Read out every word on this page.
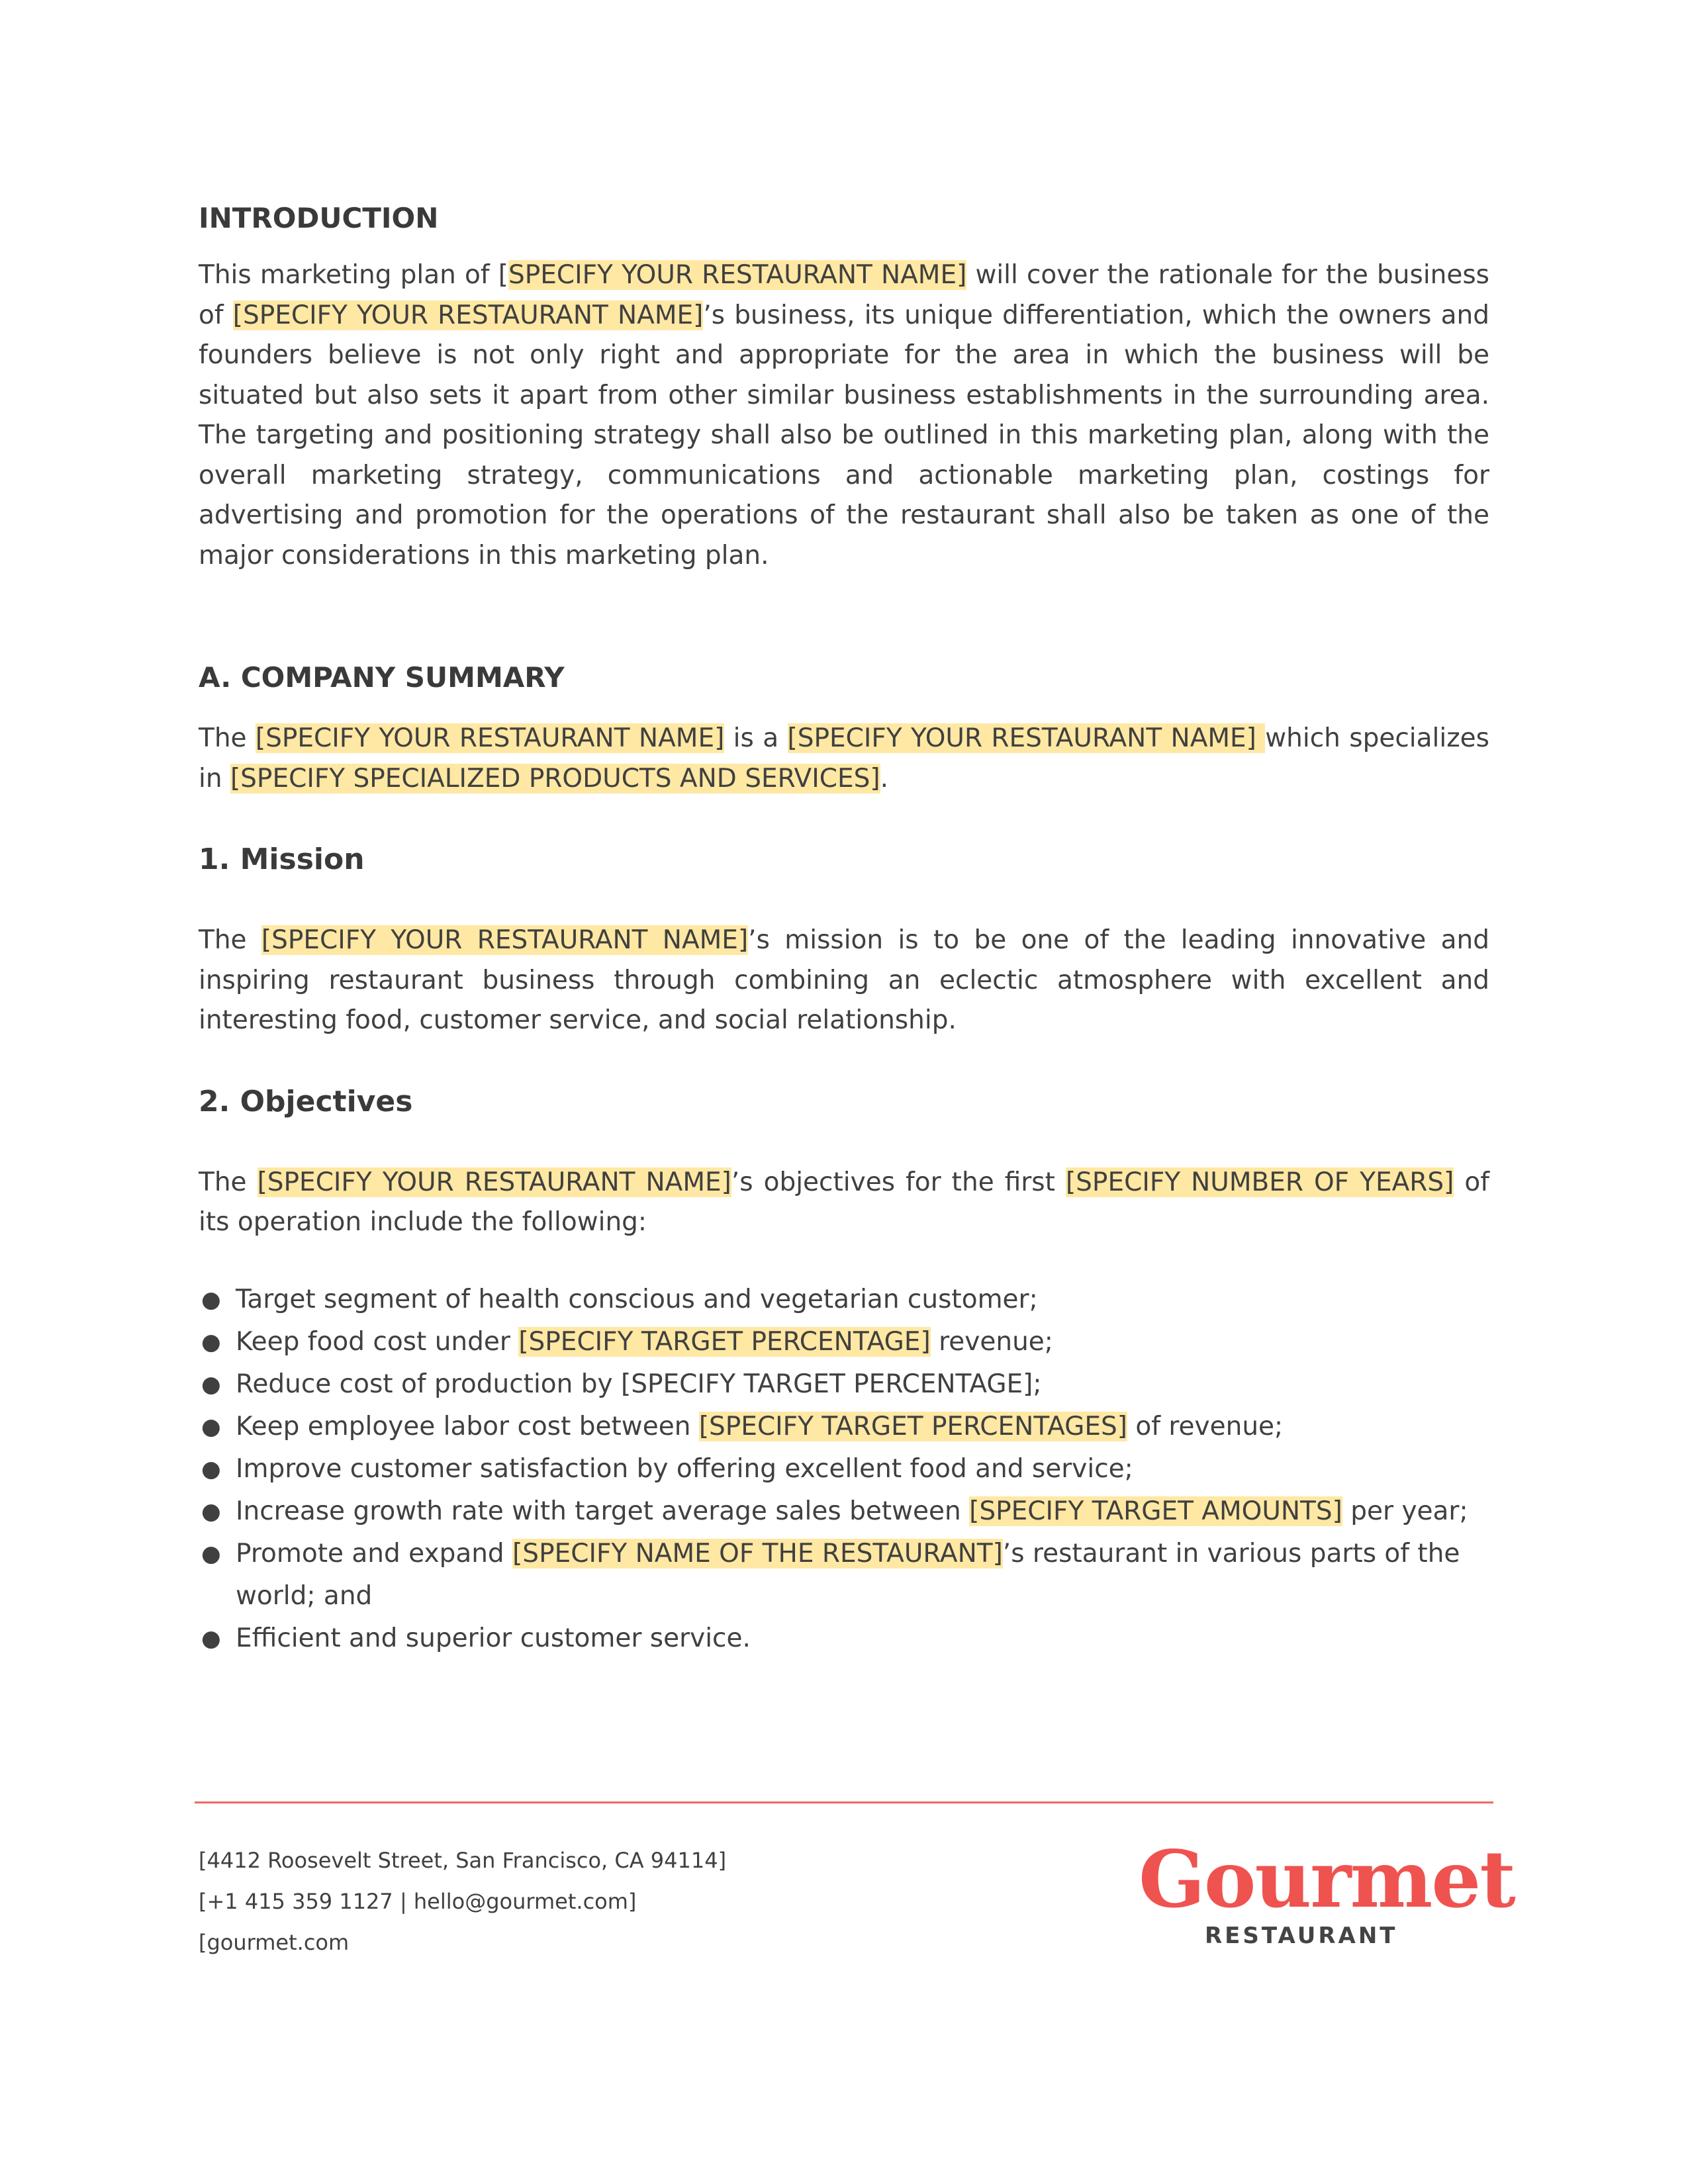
INTRODUCTION

This marketing plan of [SPECIFY YOUR RESTAURANT NAME] will cover the rationale for the business of [SPECIFY YOUR RESTAURANT NAME]’s business, its unique differentiation, which the owners and founders believe is not only right and appropriate for the area in which the business will be situated but also sets it apart from other similar business establishments in the surrounding area. The targeting and positioning strategy shall also be outlined in this marketing plan, along with the overall marketing strategy, communications and actionable marketing plan, costings for advertising and promotion for the operations of the restaurant shall also be taken as one of the major considerations in this marketing plan.

A. COMPANY SUMMARY

The [SPECIFY YOUR RESTAURANT NAME] is a [SPECIFY YOUR RESTAURANT NAME] which specializes in [SPECIFY SPECIALIZED PRODUCTS AND SERVICES].

1. Mission

The [SPECIFY YOUR RESTAURANT NAME]’s mission is to be one of the leading innovative and inspiring restaurant business through combining an eclectic atmosphere with excellent and interesting food, customer service, and social relationship.

2. Objectives

The [SPECIFY YOUR RESTAURANT NAME]’s objectives for the first [SPECIFY NUMBER OF YEARS] of its operation include the following:

● Target segment of health conscious and vegetarian customer;
● Keep food cost under [SPECIFY TARGET PERCENTAGE] revenue;
● Reduce cost of production by [SPECIFY TARGET PERCENTAGE];
● Keep employee labor cost between [SPECIFY TARGET PERCENTAGES] of revenue;
● Improve customer satisfaction by offering excellent food and service;
● Increase growth rate with target average sales between [SPECIFY TARGET AMOUNTS] per year;
● Promote and expand [SPECIFY NAME OF THE RESTAURANT]’s restaurant in various parts of the world; and
● Efficient and superior customer service.
[4412 Roosevelt Street, San Francisco, CA 94114]
[+1 415 359 1127 | hello@gourmet.com]
[gourmet.com
Gourmet
RESTAURANT
